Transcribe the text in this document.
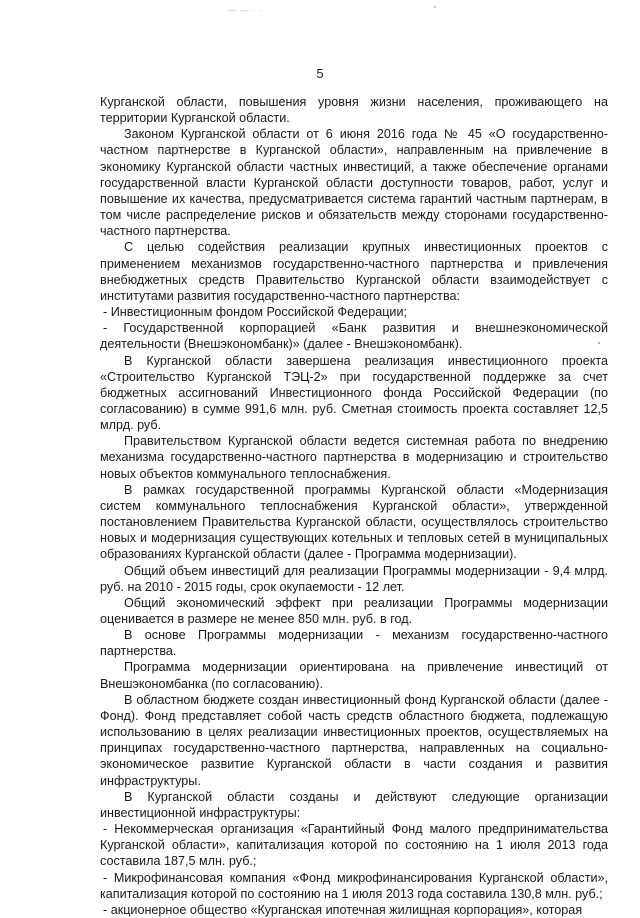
— — · ·
5

Курганской области, повышения уровня жизни населения, проживающего на территории Курганской области.

Законом Курганской области от 6 июня 2016 года № 45 «О государственно-частном партнерстве в Курганской области», направленным на привлечение в экономику Курганской области частных инвестиций, а также обеспечение органами государственной власти Курганской области доступности товаров, работ, услуг и повышение их качества, предусматривается система гарантий частным партнерам, в том числе распределение рисков и обязательств между сторонами государственно-частного партнерства.

С целью содействия реализации крупных инвестиционных проектов с применением механизмов государственно-частного партнерства и привлечения внебюджетных средств Правительство Курганской области взаимодействует с институтами развития государственно-частного партнерства:

- Инвестиционным фондом Российской Федерации;

- Государственной корпорацией «Банк развития и внешнеэкономической деятельности (Внешэкономбанк)» (далее - Внешэкономбанк).

В Курганской области завершена реализация инвестиционного проекта «Строительство Курганской ТЭЦ-2» при государственной поддержке за счет бюджетных ассигнований Инвестиционного фонда Российской Федерации (по согласованию) в сумме 991,6 млн. руб. Сметная стоимость проекта составляет 12,5 млрд. руб.

Правительством Курганской области ведется системная работа по внедрению механизма государственно-частного партнерства в модернизацию и строительство новых объектов коммунального теплоснабжения.

В рамках государственной программы Курганской области «Модернизация систем коммунального теплоснабжения Курганской области», утвержденной постановлением Правительства Курганской области, осуществлялось строительство новых и модернизация существующих котельных и тепловых сетей в муниципальных образованиях Курганской области (далее - Программа модернизации).

Общий объем инвестиций для реализации Программы модернизации - 9,4 млрд. руб. на 2010 - 2015 годы, срок окупаемости - 12 лет.

Общий экономический эффект при реализации Программы модернизации оценивается в размере не менее 850 млн. руб. в год.

В основе Программы модернизации - механизм государственно-частного партнерства.

Программа модернизации ориентирована на привлечение инвестиций от Внешэкономбанка (по согласованию).

В областном бюджете создан инвестиционный фонд Курганской области (далее - Фонд). Фонд представляет собой часть средств областного бюджета, подлежащую использованию в целях реализации инвестиционных проектов, осуществляемых на принципах государственно-частного партнерства, направленных на социально-экономическое развитие Курганской области в части создания и развития инфраструктуры.

В Курганской области созданы и действуют следующие организации инвестиционной инфраструктуры:

- Некоммерческая организация «Гарантийный Фонд малого предпринимательства Курганской области», капитализация которой по состоянию на 1 июля 2013 года составила 187,5 млн. руб.;

- Микрофинансовая компания «Фонд микрофинансирования Курганской области», капитализация которой по состоянию на 1 июля 2013 года составила 130,8 млн. руб.;

- акционерное общество «Курганская ипотечная жилищная корпорация», которая
